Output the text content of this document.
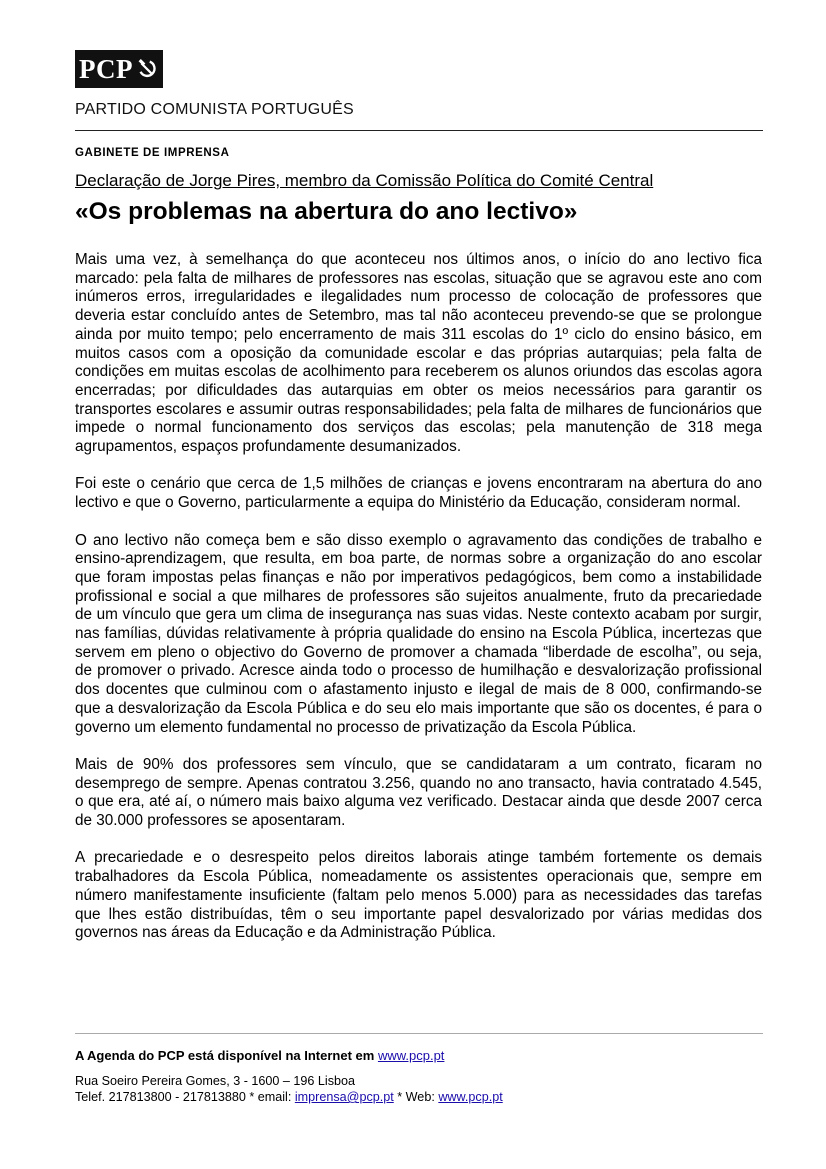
PCP
PARTIDO COMUNISTA PORTUGUÊS
GABINETE DE IMPRENSA
Declaração de Jorge Pires, membro da Comissão Política do Comité Central
«Os problemas na abertura do ano lectivo»

Mais uma vez, à semelhança do que aconteceu nos últimos anos, o início do ano lectivo fica marcado: pela falta de milhares de professores nas escolas, situação que se agravou este ano com inúmeros erros, irregularidades e ilegalidades num processo de colocação de professores que deveria estar concluído antes de Setembro, mas tal não aconteceu prevendo-se que se prolongue ainda por muito tempo; pelo encerramento de mais 311 escolas do 1º ciclo do ensino básico, em muitos casos com a oposição da comunidade escolar e das próprias autarquias; pela falta de condições em muitas escolas de acolhimento para receberem os alunos oriundos das escolas agora encerradas; por dificuldades das autarquias em obter os meios necessários para garantir os transportes escolares e assumir outras responsabilidades; pela falta de milhares de funcionários que impede o normal funcionamento dos serviços das escolas; pela manutenção de 318 mega agrupamentos, espaços profundamente desumanizados.

Foi este o cenário que cerca de 1,5 milhões de crianças e jovens encontraram na abertura do ano lectivo e que o Governo, particularmente a equipa do Ministério da Educação, consideram normal.

O ano lectivo não começa bem e são disso exemplo o agravamento das condições de trabalho e ensino-aprendizagem, que resulta, em boa parte, de normas sobre a organização do ano escolar que foram impostas pelas finanças e não por imperativos pedagógicos, bem como a instabilidade profissional e social a que milhares de professores são sujeitos anualmente, fruto da precariedade de um vínculo que gera um clima de insegurança nas suas vidas. Neste contexto acabam por surgir, nas famílias, dúvidas relativamente à própria qualidade do ensino na Escola Pública, incertezas que servem em pleno o objectivo do Governo de promover a chamada “liberdade de escolha”, ou seja, de promover o privado. Acresce ainda todo o processo de humilhação e desvalorização profissional dos docentes que culminou com o afastamento injusto e ilegal de mais de 8 000, confirmando-se que a desvalorização da Escola Pública e do seu elo mais importante que são os docentes, é para o governo um elemento fundamental no processo de privatização da Escola Pública.

Mais de 90% dos professores sem vínculo, que se candidataram a um contrato, ficaram no desemprego de sempre. Apenas contratou 3.256, quando no ano transacto, havia contratado 4.545, o que era, até aí, o número mais baixo alguma vez verificado. Destacar ainda que desde 2007 cerca de 30.000 professores se aposentaram.

A precariedade e o desrespeito pelos direitos laborais atinge também fortemente os demais trabalhadores da Escola Pública, nomeadamente os assistentes operacionais que, sempre em número manifestamente insuficiente (faltam pelo menos 5.000) para as necessidades das tarefas que lhes estão distribuídas, têm o seu importante papel desvalorizado por várias medidas dos governos nas áreas da Educação e da Administração Pública.

A Agenda do PCP está disponível na Internet em www.pcp.pt
Rua Soeiro Pereira Gomes, 3 - 1600 – 196 Lisboa
Telef. 217813800 - 217813880 * email: imprensa@pcp.pt * Web: www.pcp.pt
